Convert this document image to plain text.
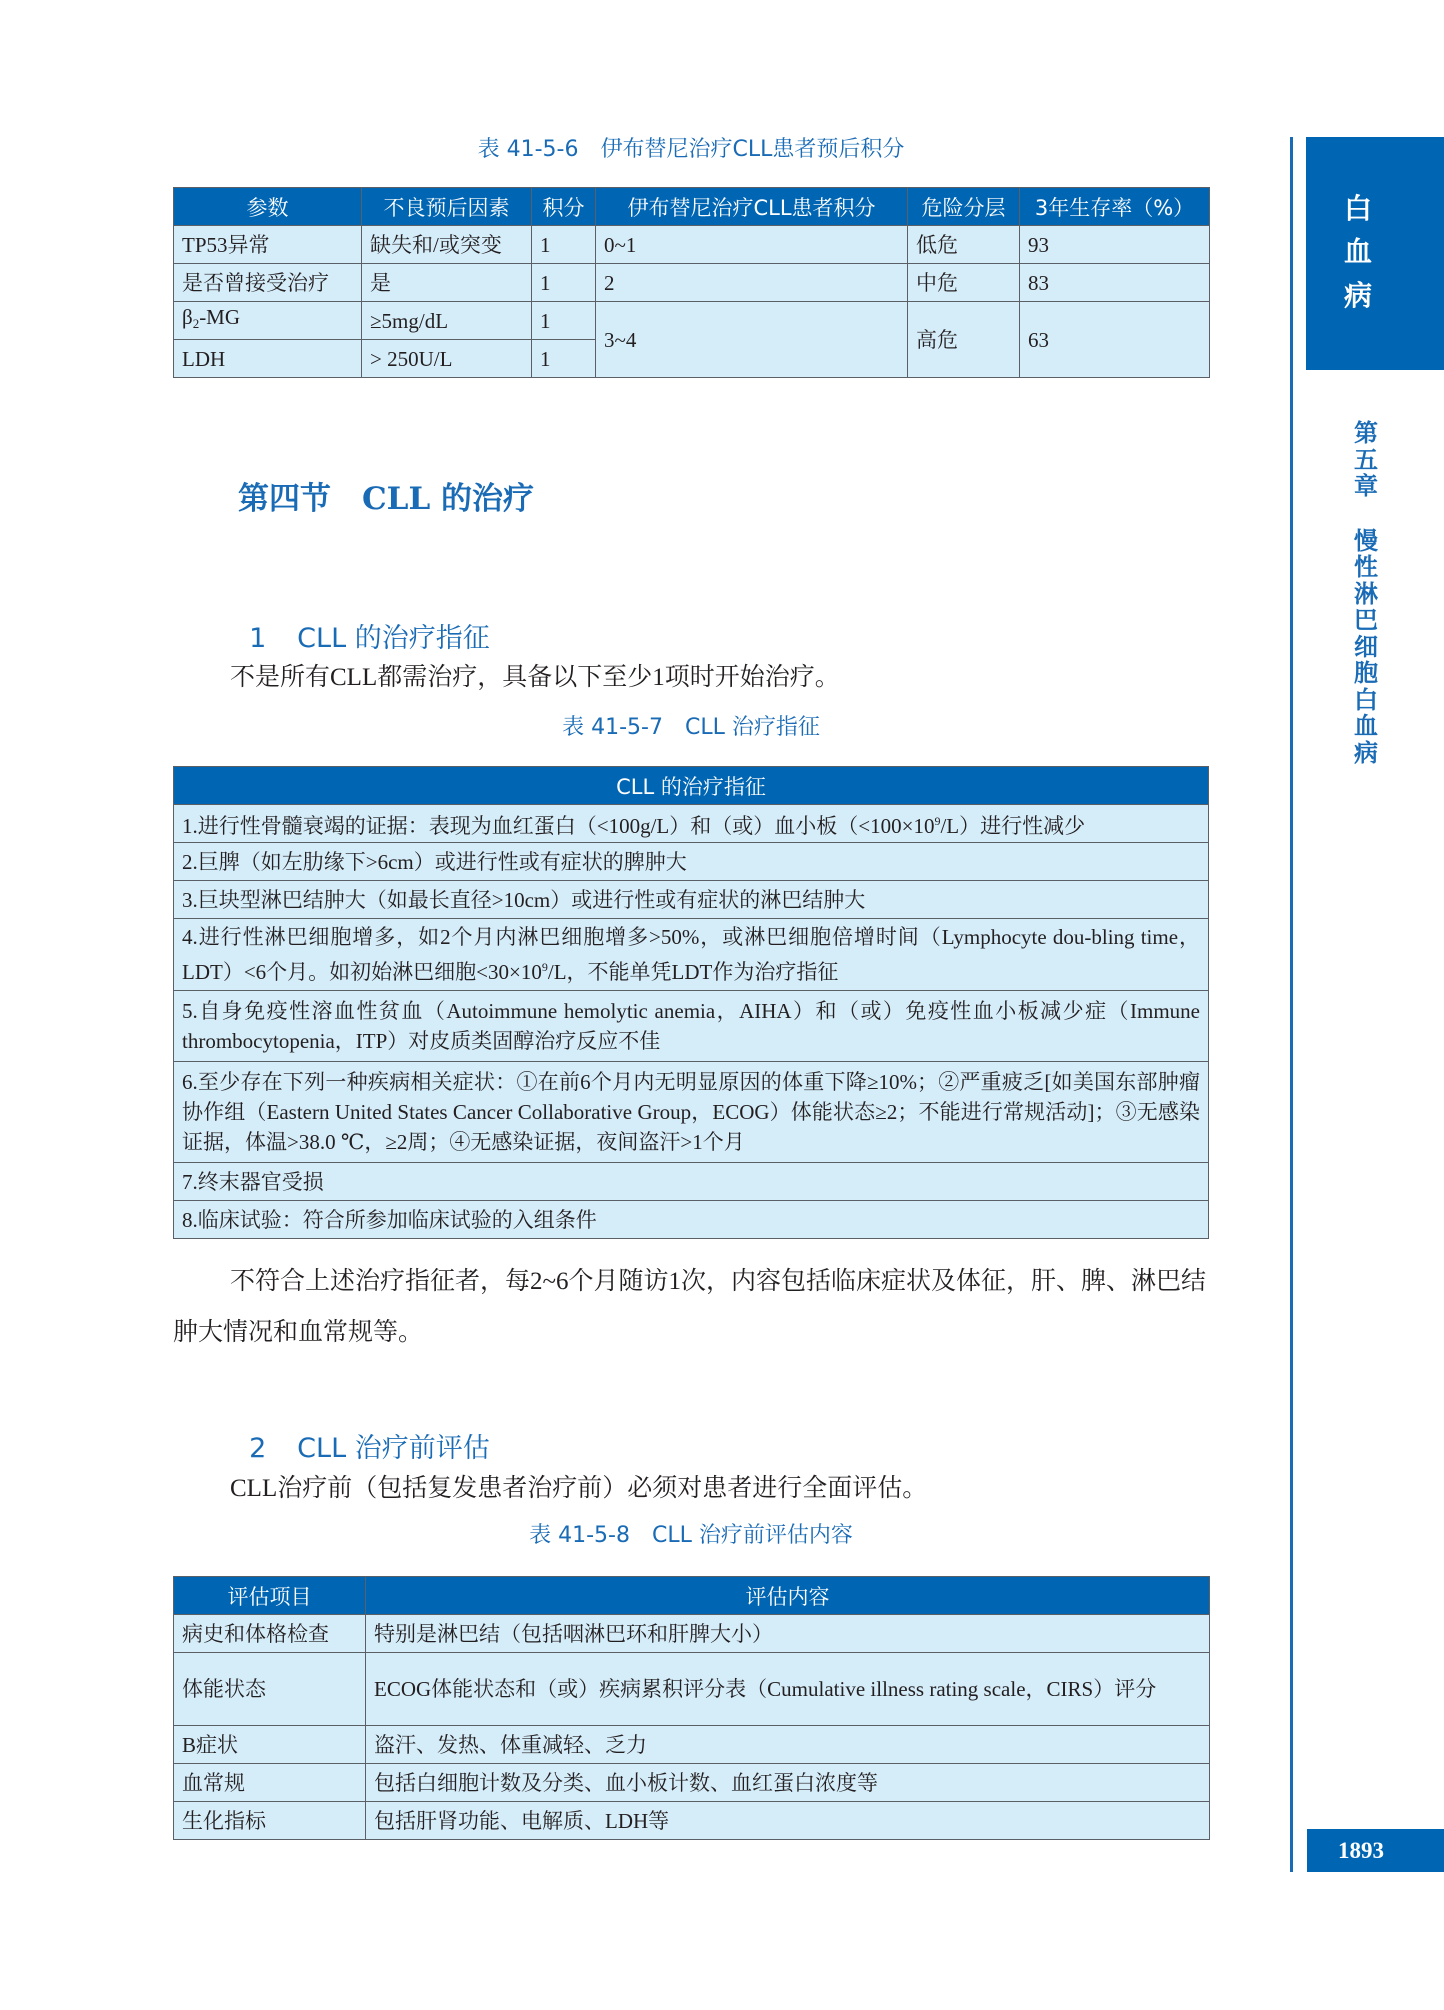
白
血
病
第
五
章
慢
性
淋
巴
细
胞
白
血
病
1893
表 41-5-6　伊布替尼治疗CLL患者预后积分
参数	不良预后因素	积分	伊布替尼治疗CLL患者积分	危险分层	3年生存率（%）
TP53异常	缺失和/或突变	1	0~1	低危	93
是否曾接受治疗	是	1	2	中危	83
$\beta_2-MG$	≥5mg/dL	1	3~4	高危	63
LDH	> 250U/L	1			
第四节　CLL 的治疗

1 CLL 的治疗指征

不是所有CLL都需治疗，具备以下至少1项时开始治疗。
表 41-5-7　CLL 治疗指征
CLL 的治疗指征
1.进行性骨髓衰竭的证据：表现为血红蛋白（<100g/L）和（或）血小板$(<100\times 10^9/L)$进行性减少
2.巨脾（如左肋缘下>6cm）或进行性或有症状的脾肿大
3.巨块型淋巴结肿大（如最长直径>10cm）或进行性或有症状的淋巴结肿大
4.进行性淋巴细胞增多，如2个月内淋巴细胞增多>50%，或淋巴细胞倍增时间（Lymphocyte dou-bling time，LDT）<6个月。如初始淋巴细胞$<30\times 10^9/L$，不能单凭LDT作为治疗指征
5.自身免疫性溶血性贫血（Autoimmune hemolytic anemia，AIHA）和（或）免疫性血小板减少症（Immune thrombocytopenia，ITP）对皮质类固醇治疗反应不佳
6.至少存在下列一种疾病相关症状：①在前6个月内无明显原因的体重下降≥10%；②严重疲乏[如美国东部肿瘤协作组（Eastern United States Cancer Collaborative Group，ECOG）体能状态≥2；不能进行常规活动]；③无感染证据，体温>38.0 ℃，≥2周；④无感染证据，夜间盗汗>1个月
7.终末器官受损
8.临床试验：符合所参加临床试验的入组条件
不符合上述治疗指征者，每2~6个月随访1次，内容包括临床症状及体征，肝、脾、淋巴结肿大情况和血常规等。

2 CLL 治疗前评估

CLL治疗前（包括复发患者治疗前）必须对患者进行全面评估。
表 41-5-8　CLL 治疗前评估内容
评估项目	评估内容
病史和体格检查	特别是淋巴结（包括咽淋巴环和肝脾大小）
体能状态	ECOG体能状态和（或）疾病累积评分表（Cumulative illness rating scale，CIRS）评分
B症状	盗汗、发热、体重减轻、乏力
血常规	包括白细胞计数及分类、血小板计数、血红蛋白浓度等
生化指标	包括肝肾功能、电解质、LDH等
